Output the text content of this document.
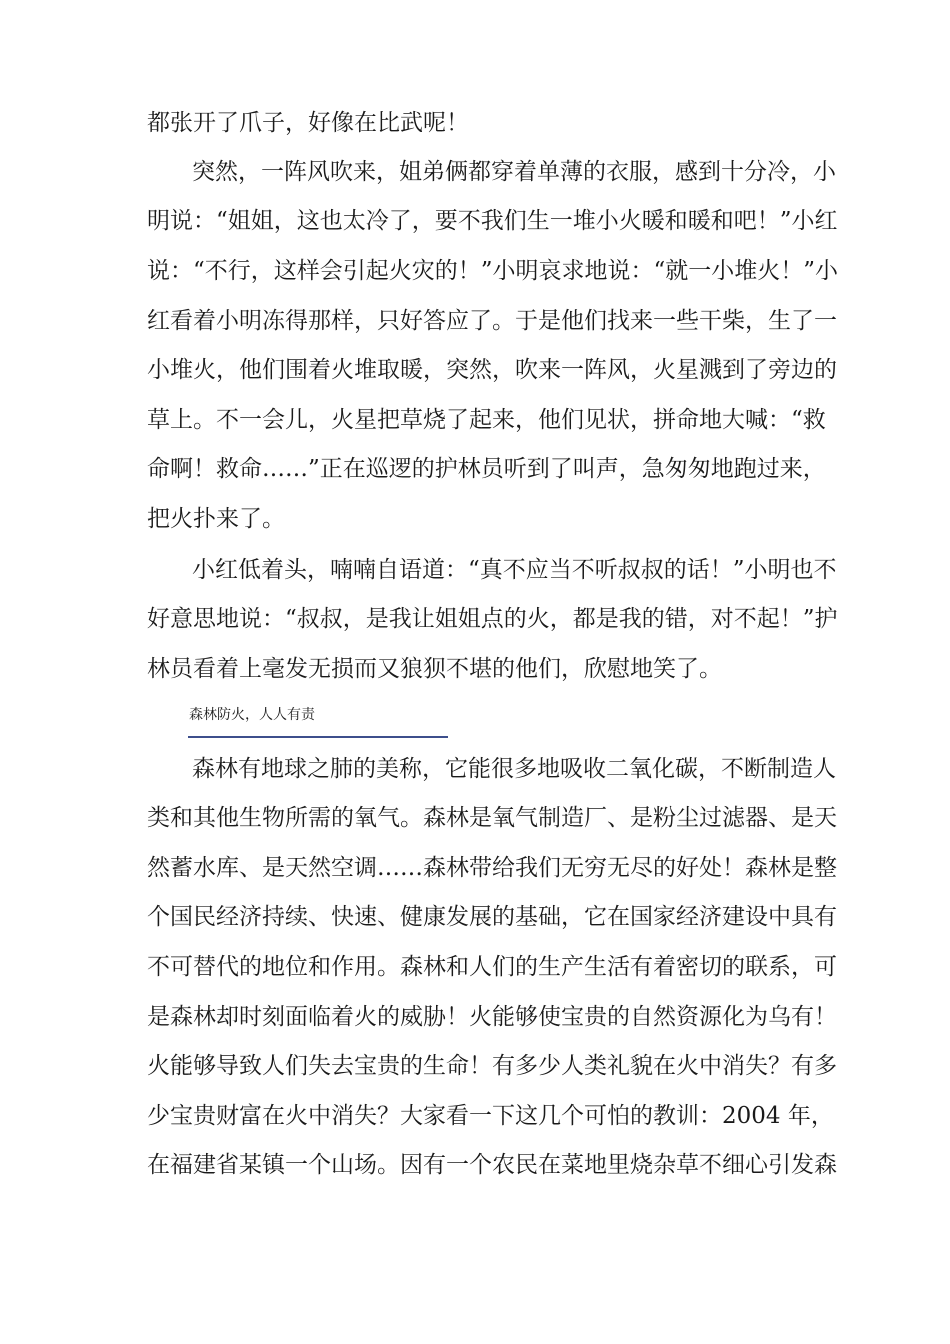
都张开了爪子，好像在比武呢！
突然，一阵风吹来，姐弟俩都穿着单薄的衣服，感到十分冷，小
明说：“姐姐，这也太冷了，要不我们生一堆小火暖和暖和吧！”小红
说：“不行，这样会引起火灾的！”小明哀求地说：“就一小堆火！”小
红看着小明冻得那样，只好答应了。于是他们找来一些干柴，生了一
小堆火，他们围着火堆取暖，突然，吹来一阵风，火星溅到了旁边的
草上。不一会儿，火星把草烧了起来，他们见状，拼命地大喊：“救
命啊！救命……”正在巡逻的护林员听到了叫声，急匆匆地跑过来，
把火扑来了。
小红低着头，喃喃自语道：“真不应当不听叔叔的话！”小明也不
好意思地说：“叔叔，是我让姐姐点的火，都是我的错，对不起！”护
林员看着上毫发无损而又狼狈不堪的他们，欣慰地笑了。
森林防火，人人有责
森林有地球之肺的美称，它能很多地吸收二氧化碳，不断制造人
类和其他生物所需的氧气。森林是氧气制造厂、是粉尘过滤器、是天
然蓄水库、是天然空调……森林带给我们无穷无尽的好处！森林是整
个国民经济持续、快速、健康发展的基础，它在国家经济建设中具有
不可替代的地位和作用。森林和人们的生产生活有着密切的联系，可
是森林却时刻面临着火的威胁！火能够使宝贵的自然资源化为乌有！
火能够导致人们失去宝贵的生命！有多少人类礼貌在火中消失？有多
少宝贵财富在火中消失？大家看一下这几个可怕的教训：2004 年，
在福建省某镇一个山场。因有一个农民在菜地里烧杂草不细心引发森
